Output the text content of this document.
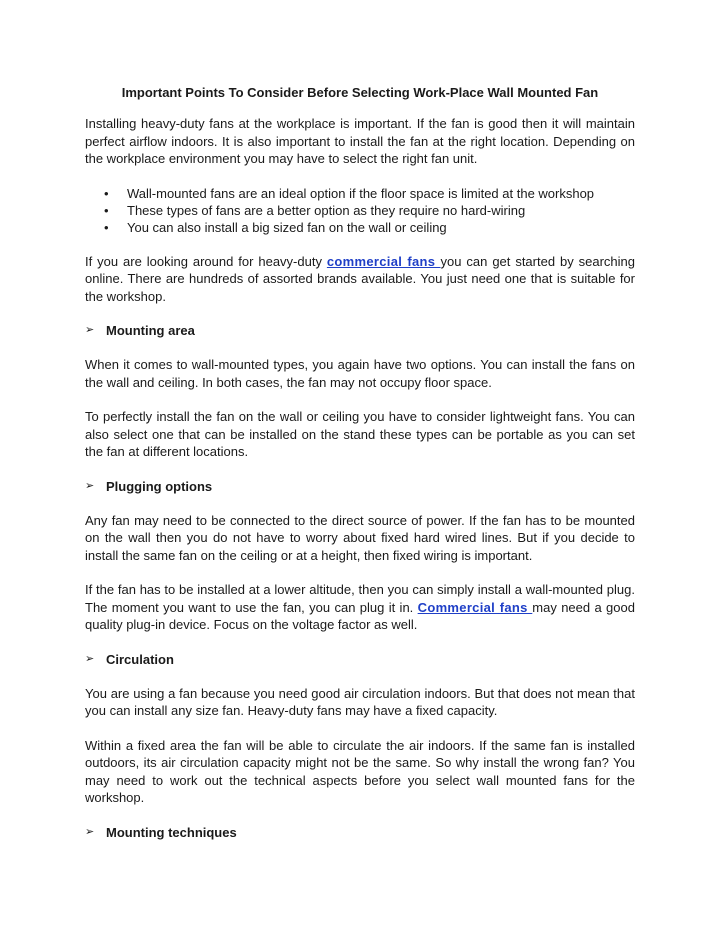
Important Points To Consider Before Selecting Work-Place Wall Mounted Fan

Installing heavy-duty fans at the workplace is important. If the fan is good then it will maintain perfect airflow indoors. It is also important to install the fan at the right location. Depending on the workplace environment you may have to select the right fan unit.

• Wall-mounted fans are an ideal option if the floor space is limited at the workshop
• These types of fans are a better option as they require no hard-wiring
• You can also install a big sized fan on the wall or ceiling

If you are looking around for heavy-duty commercial fans you can get started by searching online. There are hundreds of assorted brands available. You just need one that is suitable for the workshop.

➢ Mounting area

When it comes to wall-mounted types, you again have two options. You can install the fans on the wall and ceiling. In both cases, the fan may not occupy floor space.

To perfectly install the fan on the wall or ceiling you have to consider lightweight fans. You can also select one that can be installed on the stand these types can be portable as you can set the fan at different locations.

➢ Plugging options

Any fan may need to be connected to the direct source of power. If the fan has to be mounted on the wall then you do not have to worry about fixed hard wired lines. But if you decide to install the same fan on the ceiling or at a height, then fixed wiring is important.

If the fan has to be installed at a lower altitude, then you can simply install a wall-mounted plug. The moment you want to use the fan, you can plug it in. Commercial fans may need a good quality plug-in device. Focus on the voltage factor as well.

➢ Circulation

You are using a fan because you need good air circulation indoors. But that does not mean that you can install any size fan. Heavy-duty fans may have a fixed capacity.

Within a fixed area the fan will be able to circulate the air indoors. If the same fan is installed outdoors, its air circulation capacity might not be the same. So why install the wrong fan? You may need to work out the technical aspects before you select wall mounted fans for the workshop.

➢ Mounting techniques
